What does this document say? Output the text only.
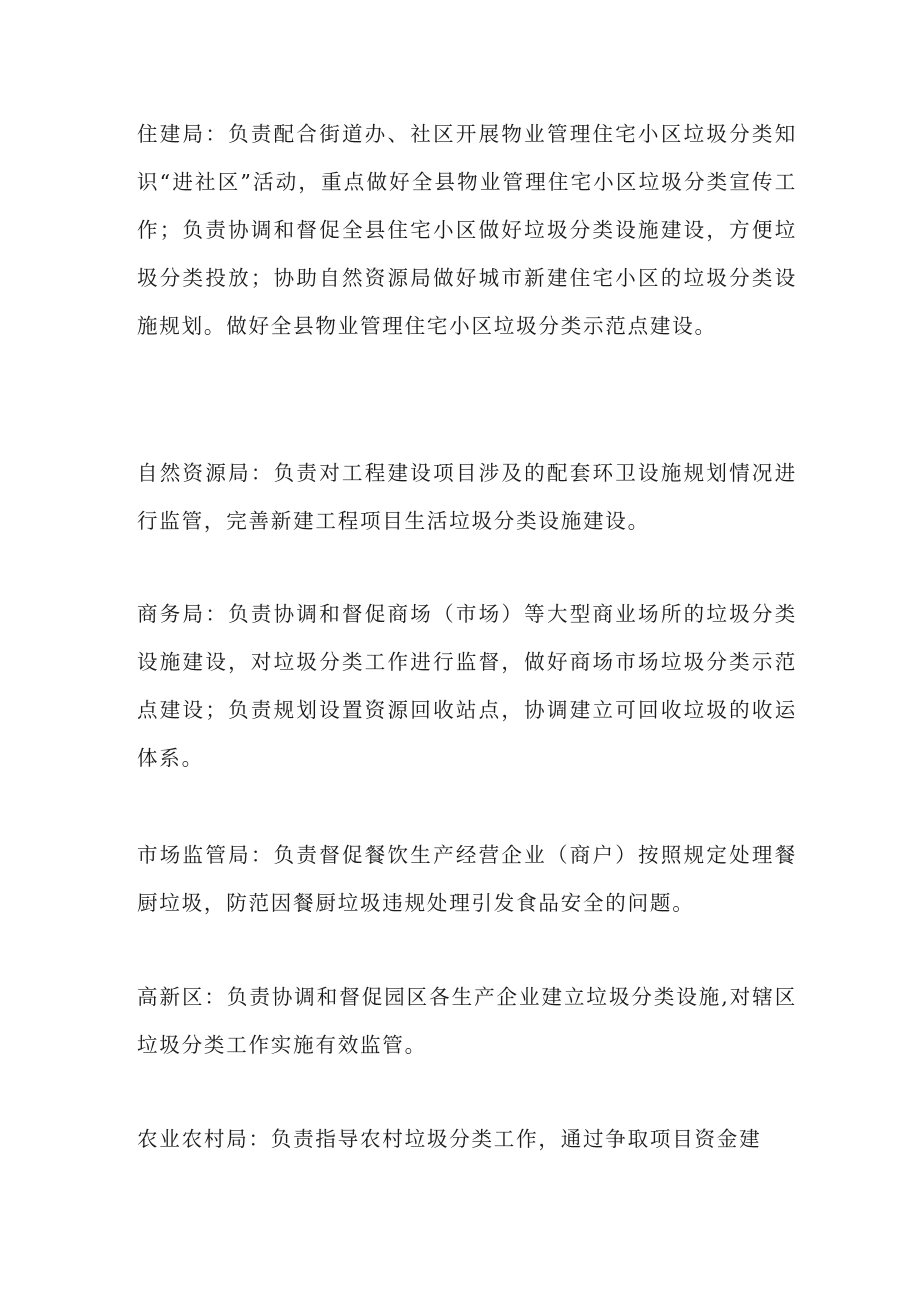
住建局：负责配合街道办、社区开展物业管理住宅小区垃圾分类知识“进社区”活动，重点做好全县物业管理住宅小区垃圾分类宣传工作；负责协调和督促全县住宅小区做好垃圾分类设施建设，方便垃圾分类投放；协助自然资源局做好城市新建住宅小区的垃圾分类设施规划。做好全县物业管理住宅小区垃圾分类示范点建设。

自然资源局：负责对工程建设项目涉及的配套环卫设施规划情况进行监管，完善新建工程项目生活垃圾分类设施建设。

商务局：负责协调和督促商场（市场）等大型商业场所的垃圾分类设施建设，对垃圾分类工作进行监督，做好商场市场垃圾分类示范点建设；负责规划设置资源回收站点，协调建立可回收垃圾的收运体系。

市场监管局：负责督促餐饮生产经营企业（商户）按照规定处理餐厨垃圾，防范因餐厨垃圾违规处理引发食品安全的问题。

高新区：负责协调和督促园区各生产企业建立垃圾分类设施,对辖区垃圾分类工作实施有效监管。

农业农村局：负责指导农村垃圾分类工作，通过争取项目资金建
